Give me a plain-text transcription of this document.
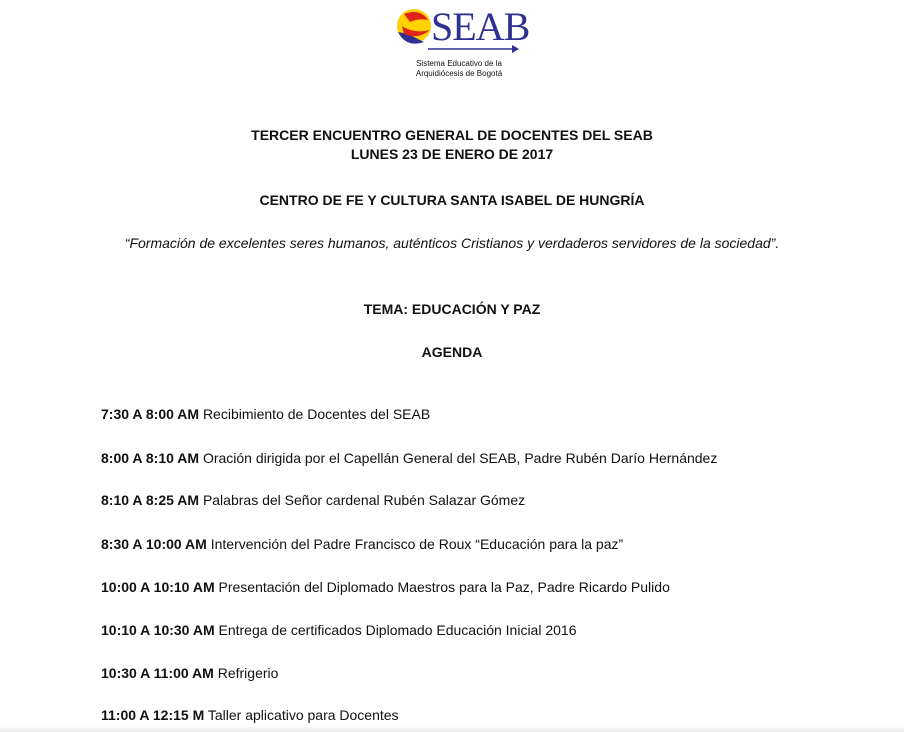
SEAB
Sistema Educativo de la
Arquidiócesis de Bogotá
TERCER ENCUENTRO GENERAL DE DOCENTES DEL SEAB
LUNES 23 DE ENERO DE 2017
CENTRO DE FE Y CULTURA SANTA ISABEL DE HUNGRÍA
“Formación de excelentes seres humanos, auténticos Cristianos y verdaderos servidores de la sociedad”.
TEMA: EDUCACIÓN Y PAZ
AGENDA

7:30 A 8:00 AM Recibimiento de Docentes del SEAB

8:00 A 8:10 AM Oración dirigida por el Capellán General del SEAB, Padre Rubén Darío Hernández

8:10 A 8:25 AM Palabras del Señor cardenal Rubén Salazar Gómez

8:30 A 10:00 AM Intervención del Padre Francisco de Roux “Educación para la paz”

10:00 A 10:10 AM Presentación del Diplomado Maestros para la Paz, Padre Ricardo Pulido

10:10 A 10:30 AM Entrega de certificados Diplomado Educación Inicial 2016

10:30 A 11:00 AM Refrigerio

11:00 A 12:15 M Taller aplicativo para Docentes
